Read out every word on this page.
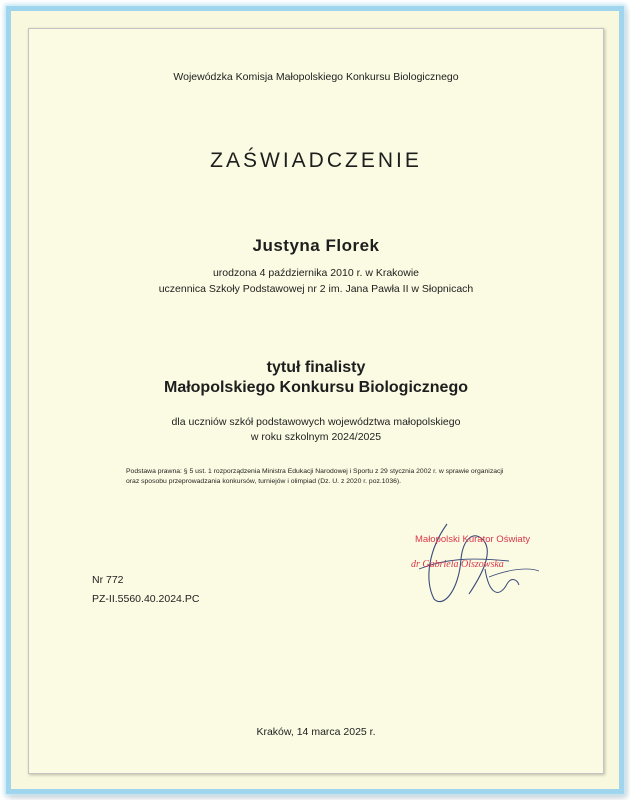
Wojewódzka Komisja Małopolskiego Konkursu Biologicznego
ZAŚWIADCZENIE
Justyna Florek
urodzona 4 października 2010 r. w Krakowie
uczennica Szkoły Podstawowej nr 2 im. Jana Pawła II w Słopnicach
tytuł finalisty
Małopolskiego Konkursu Biologicznego
dla uczniów szkół podstawowych województwa małopolskiego
w roku szkolnym 2024/2025
Podstawa prawna: § 5 ust. 1 rozporządzenia Ministra Edukacji Narodowej i Sportu z 29 stycznia 2002 r. w sprawie organizacji
oraz sposobu przeprowadzania konkursów, turniejów i olimpiad (Dz. U. z 2020 r. poz.1036).
Małopolski Kurator Oświaty
dr Gabriela Olszowska
Nr 772
PZ-II.5560.40.2024.PC
Kraków, 14 marca 2025 r.
